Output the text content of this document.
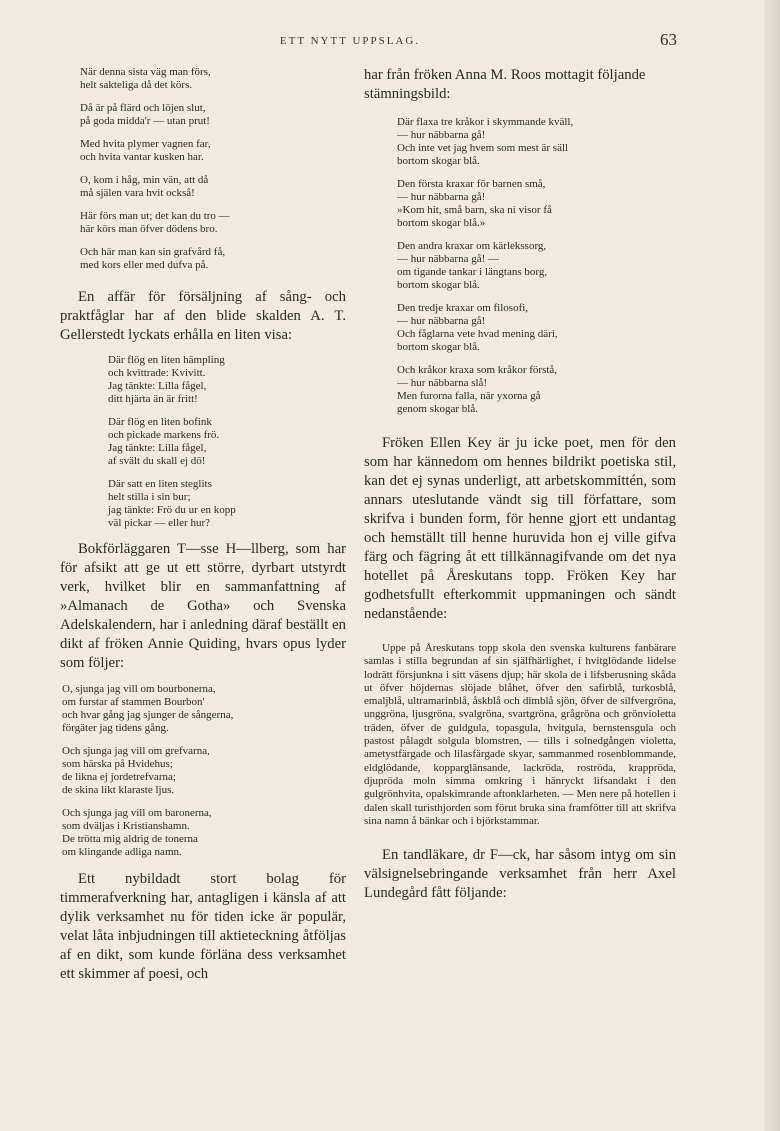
ETT NYTT UPPSLAG.	63
När denna sista väg man förs,
helt sakteliga då det körs.
Då är på flärd och löjen slut,
på goda midda'r — utan prut!
Med hvita plymer vagnen far,
och hvita vantar kusken har.
O, kom i håg, min vän, att då
må själen vara hvit också!
Här förs man ut; det kan du tro —
här körs man öfver dödens bro.
Och här man kan sin grafvård få,
med kors eller med dufva på.

En affär för försäljning af sång- och praktfåglar har af den blide skalden A. T. Gellerstedt lyckats erhålla en liten visa:

Där flög en liten hämpling
och kvittrade: Kvivitt.
Jag tänkte: Lilla fågel,
ditt hjärta än är fritt!
Där flög en liten bofink
och pickade markens frö.
Jag tänkte: Lilla fågel,
af svält du skall ej dö!
Där satt en liten steglits
helt stilla i sin bur;
jag tänkte: Frö du ur en kopp
väl pickar — eller hur?

Bokförläggaren T—sse H—llberg, som har för afsikt att ge ut ett större, dyrbart utstyrdt verk, hvilket blir en sammanfattning af »Almanach de Gotha» och Svenska Adelskalendern, har i anledning däraf beställt en dikt af fröken Annie Quiding, hvars opus lyder som följer:

O, sjunga jag vill om bourbonerna,
om furstar af stammen Bourbon'
och hvar gång jag sjunger de sångerna,
förgäter jag tidens gång.
Och sjunga jag vill om grefvarna,
som härska på Hvidehus;
de likna ej jordetrefvarna;
de skina likt klaraste ljus.
Och sjunga jag vill om baronerna,
som dväljas i Kristianshamn.
De trötta mig aldrig de tonerna
om klingande adliga namn.

Ett nybildadt stort bolag för timmerafverkning har, antagligen i känsla af att dylik verksamhet nu för tiden icke är populär, velat låta inbjudningen till aktieteckning åtföljas af en dikt, som kunde förläna dess verksamhet ett skimmer af poesi, och

har från fröken Anna M. Roos mottagit följande stämningsbild:

Där flaxa tre kråkor i skymmande kväll,
— hur näbbarna gå!
Och inte vet jag hvem som mest är säll
bortom skogar blå.
Den första kraxar för barnen små,
— hur näbbarna gå!
»Kom hit, små barn, ska ni visor få
bortom skogar blå.»
Den andra kraxar om kärlekssorg,
— hur näbbarna gå! —
om tigande tankar i längtans borg,
bortom skogar blå.
Den tredje kraxar om filosofi,
— hur näbbarna gå!
Och fåglarna vete hvad mening däri,
bortom skogar blå.
Och kråkor kraxa som kråkor förstå,
— hur näbbarna slå!
Men furorna falla, när yxorna gå
genom skogar blå.

Fröken Ellen Key är ju icke poet, men för den som har kännedom om hennes bildrikt poetiska stil, kan det ej synas underligt, att arbetskommittén, som annars uteslutande vändt sig till författare, som skrifva i bunden form, för henne gjort ett undantag och hemställt till henne huruvida hon ej ville gifva färg och fägring åt ett tillkännagifvande om det nya hotellet på Åreskutans topp. Fröken Key har godhetsfullt efterkommit uppmaningen och sändt nedanstående:

Uppe på Åreskutans topp skola den svenska kulturens fanbärare samlas i stilla begrundan af sin själfhärlighet, i hvitglödande lidelse lodrätt försjunkna i sitt väsens djup; här skola de i lifsberusning skåda ut öfver höjdernas slöjade blåhet, öfver den safirblå, turkosblå, emaljblå, ultramarinblå, åskblå och dimblå sjön, öfver de silfvergröna, unggröna, ljusgröna, svalgröna, svartgröna, grågröna och grönvioletta träden, öfver de guldgula, topasgula, hvitgula, bernstensgula och pastost pålagdt solgula blomstren, — tills i solnedgången violetta, ametystfärgade och lilasfärgade skyar, sammanmed rosenblommande, eldglödande, kopparglänsande, lackröda, roströda, krappröda, djupröda moln simma omkring i hänryckt lifsandakt i den gulgrönhvita, opalskimrande aftonklarheten. — Men nere på hotellen i dalen skall turisthjorden som förut bruka sina framfötter till att skrifva sina namn å bänkar och i björkstammar.

En tandläkare, dr F—ck, har såsom intyg om sin välsignelsebringande verksamhet från herr Axel Lundegård fått följande:
